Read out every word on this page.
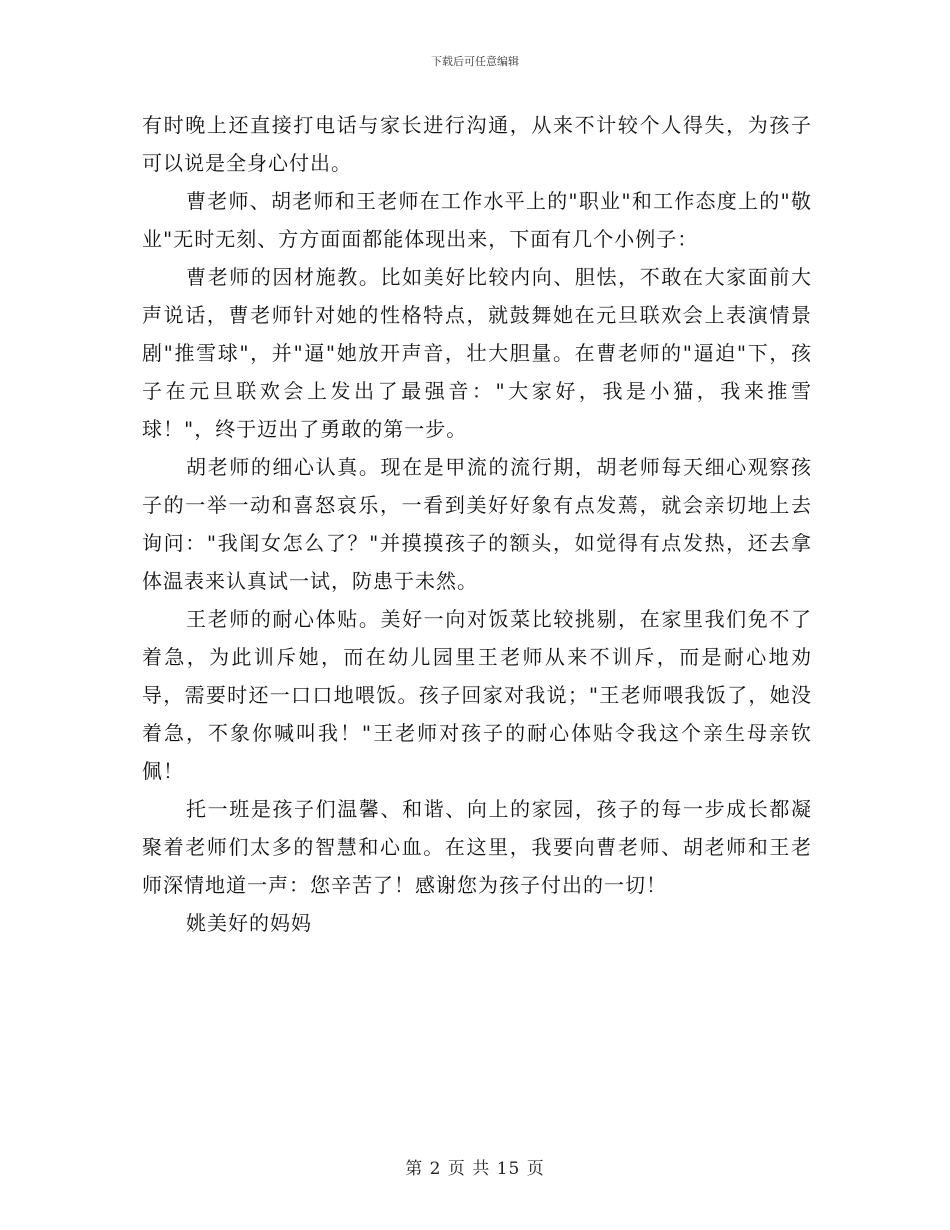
下载后可任意编辑

有时晚上还直接打电话与家长进行沟通，从来不计较个人得失，为孩子可以说是全身心付出。

曹老师、胡老师和王老师在工作水平上的"职业"和工作态度上的"敬业"无时无刻、方方面面都能体现出来，下面有几个小例子：

曹老师的因材施教。比如美好比较内向、胆怯，不敢在大家面前大声说话，曹老师针对她的性格特点，就鼓舞她在元旦联欢会上表演情景剧"推雪球"，并"逼"她放开声音，壮大胆量。在曹老师的"逼迫"下，孩子在元旦联欢会上发出了最强音："大家好，我是小猫，我来推雪球！"，终于迈出了勇敢的第一步。

胡老师的细心认真。现在是甲流的流行期，胡老师每天细心观察孩子的一举一动和喜怒哀乐，一看到美好好象有点发蔫，就会亲切地上去询问："我闺女怎么了？"并摸摸孩子的额头，如觉得有点发热，还去拿体温表来认真试一试，防患于未然。

王老师的耐心体贴。美好一向对饭菜比较挑剔，在家里我们免不了着急，为此训斥她，而在幼儿园里王老师从来不训斥，而是耐心地劝导，需要时还一口口地喂饭。孩子回家对我说；"王老师喂我饭了，她没着急，不象你喊叫我！"王老师对孩子的耐心体贴令我这个亲生母亲钦佩！

托一班是孩子们温馨、和谐、向上的家园，孩子的每一步成长都凝聚着老师们太多的智慧和心血。在这里，我要向曹老师、胡老师和王老师深情地道一声：您辛苦了！感谢您为孩子付出的一切！

姚美好的妈妈

第 2 页 共 15 页
